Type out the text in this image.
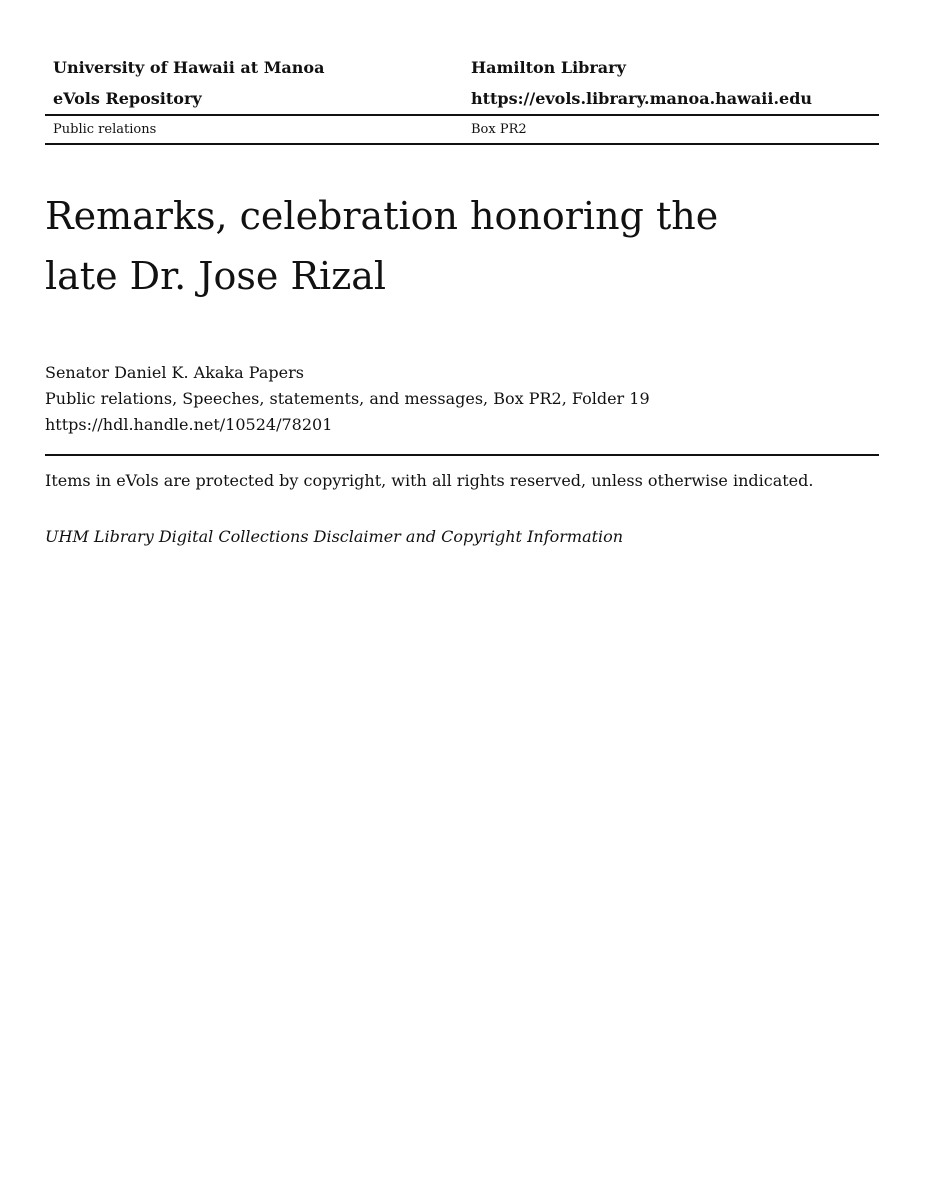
University of Hawaii at Manoa	Hamilton Library
eVols Repository	https://evols.library.manoa.hawaii.edu
Public relations	Box PR2
Remarks, celebration honoring the
late Dr. Jose Rizal
Senator Daniel K. Akaka Papers
Public relations, Speeches, statements, and messages, Box PR2, Folder 19
https://hdl.handle.net/10524/78201
Items in eVols are protected by copyright, with all rights reserved, unless otherwise indicated.
UHM Library Digital Collections Disclaimer and Copyright Information
